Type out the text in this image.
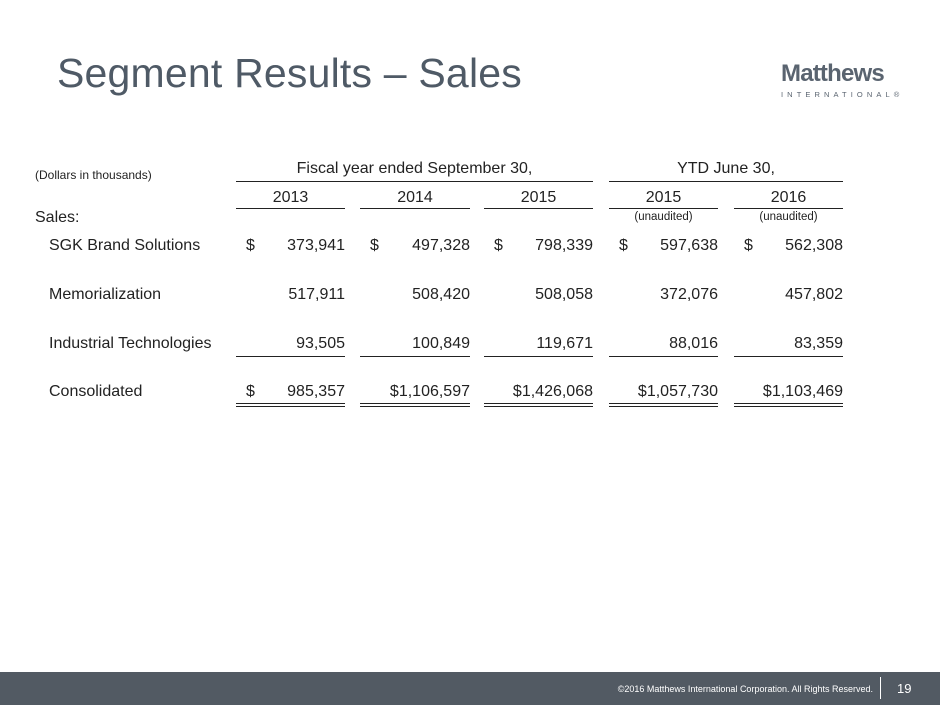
Segment Results – Sales	Matthews
INTERNATIONAL®
(Dollars in thousands)	Fiscal year ended September 30,	YTD June 30,
Sales:
2013	2014	2015	2015	2016
(unaudited)	(unaudited)
SGK Brand Solutions	$ 373,941 $ 497,328 $ 798,339 $ 597,638 $ 562,308
Memorialization	517,911	508,420	508,058	372,076	457,802
Industrial Technologies	93,505	100,849	119,671	88,016	83,359
Consolidated	$ 985,357	$1,106,597	$1,426,068	$1,057,730	$1,103,469
©2016 Matthews International Corporation. All Rights Reserved. 19
